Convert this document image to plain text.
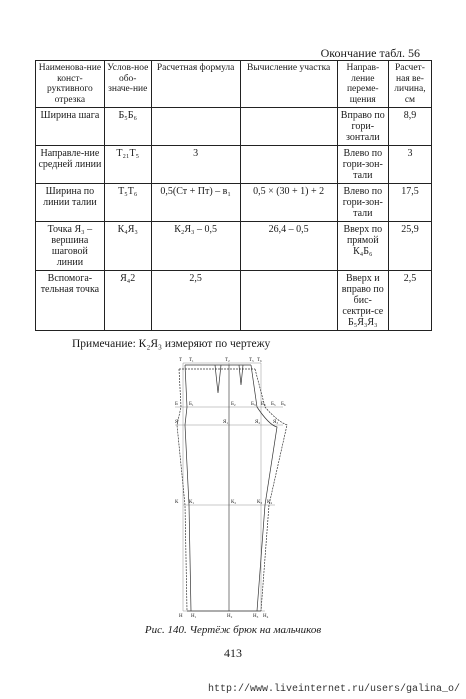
Окончание табл. 56
Наименова-ние конст-руктивного отрезка	Услов-ное обо-значе-ние	Расчетная формула	Вычисление участка	Направ-ление переме-щения	Расчет-ная ве-личина, см
Ширина шага	Б₅Б₆			Вправо по гори-зонтали	8,9
Направле-ние средней линии	Т₂₁Т₅	3		Влево по гори-зон-тали	3
Ширина по линии талии	Т₅Т₆	0,5(Ст + Пт) – в₁	0,5 × (30 + 1) + 2	Влево по гори-зон-тали	17,5
Точка Я₃ – вершина шаговой линии	К₄Я₃	К₂Я₃ – 0,5	26,4 – 0,5	Вверх по прямой К₄Б₆	25,9
Вспомога-тельная точка	Я₄2	2,5		Вверх и вправо по бис-сектри-се Б₅Я₃Я₃	2,5
Примечание: К₂Я₃ измеряют по чертежу
Т Т₁	Т₂	Т₅ Т₆
Б Б₁	Б₂	Б₃ Б₄ Б₅ Б₆
Я	Я₁	Я₂	Я₃
К К₁	К₂	К₃ К₄
Н Н₁	Н₂	Н₃ Н₄
Рис. 140. Чертёж брюк на мальчиков
413
http://www.liveinternet.ru/users/galina_o/
